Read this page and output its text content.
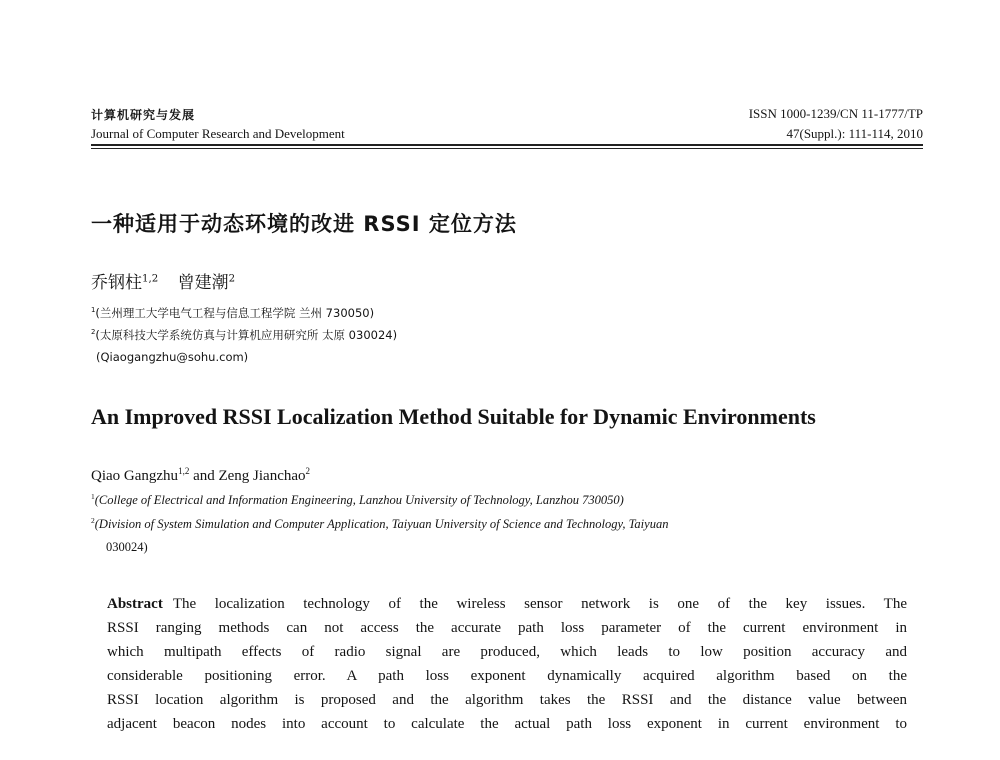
计算机研究与发展
Journal of Computer Research and Development
ISSN 1000-1239/CN 11-1777/TP
47(Suppl.): 111-114, 2010
一种适用于动态环境的改进 RSSI 定位方法
乔钢柱$^{1,2}$ 曾建潮$^2$
$^1$(兰州理工大学电气工程与信息工程学院 兰州 730050)
$^2$(太原科技大学系统仿真与计算机应用研究所 太原 030024)
(Qiaogangzhu@sohu.com)
An Improved RSSI Localization Method Suitable for Dynamic Environments
Qiao Gangzhu$^{1,2}$ and Zeng Jianchao$^2$
$^1$(College of Electrical and Information Engineering, Lanzhou University of Technology, Lanzhou 730050)
$^2$(Division of System Simulation and Computer Application, Taiyuan University of Science and Technology, Taiyuan
030024)
Abstract The localization technology of the wireless sensor network is one of the key issues. The
RSSI ranging methods can not access the accurate path loss parameter of the current environment in
which multipath effects of radio signal are produced, which leads to low position accuracy and
considerable positioning error. A path loss exponent dynamically acquired algorithm based on the
RSSI location algorithm is proposed and the algorithm takes the RSSI and the distance value between
adjacent beacon nodes into account to calculate the actual path loss exponent in current environment to
